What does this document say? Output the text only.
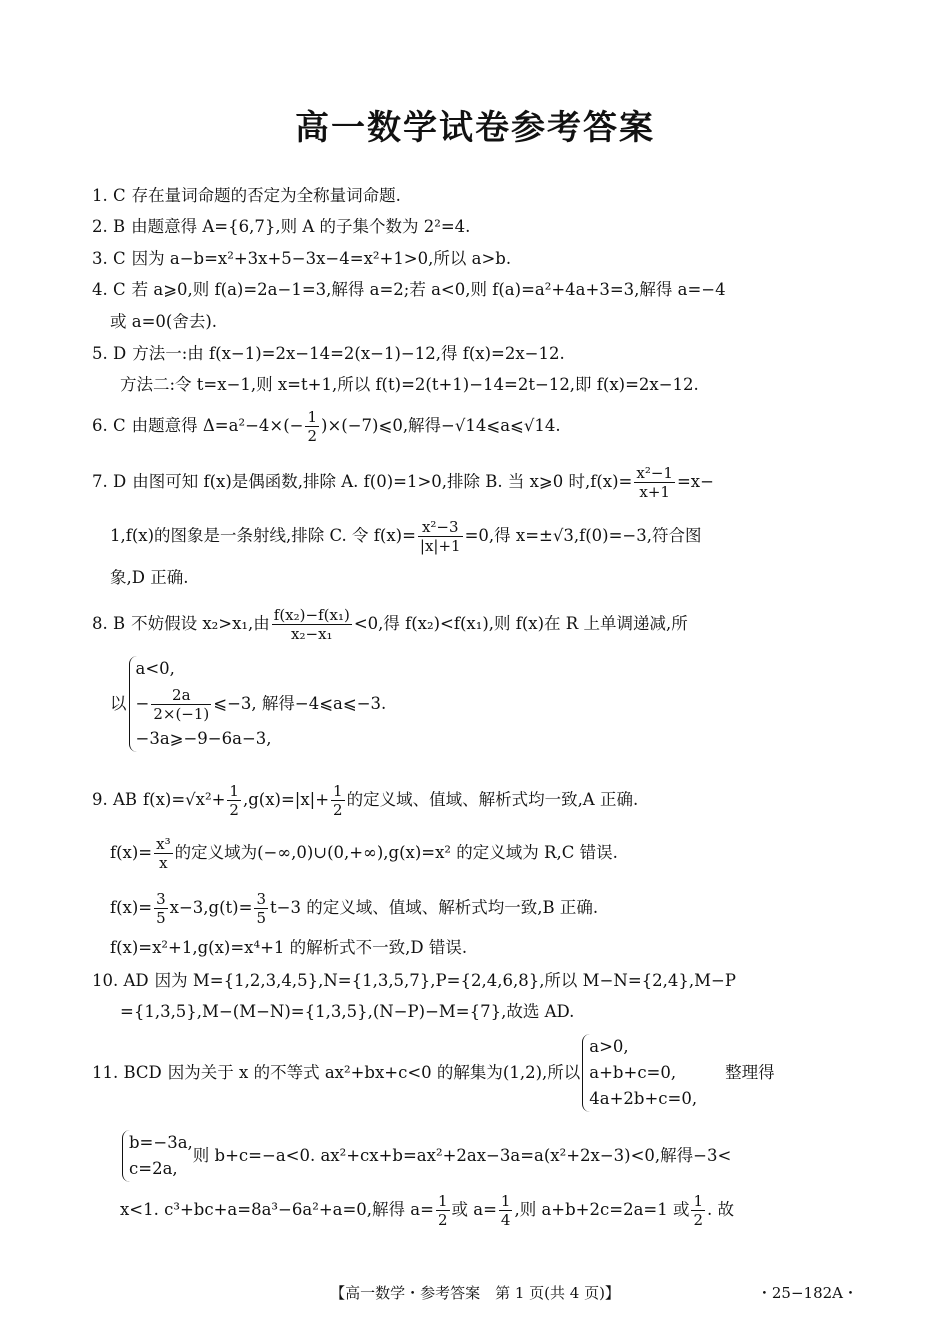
高一数学试卷参考答案
1. C 存在量词命题的否定为全称量词命题.
2. B 由题意得 A={6,7},则 A 的子集个数为 2²=4.
3. C 因为 a−b=x²+3x+5−3x−4=x²+1>0,所以 a>b.
4. C 若 a⩾0,则 f(a)=2a−1=3,解得 a=2;若 a<0,则 f(a)=a²+4a+3=3,解得 a=−4
或 a=0(舍去).
5. D 方法一:由 f(x−1)=2x−14=2(x−1)−12,得 f(x)=2x−12.
方法二:令 t=x−1,则 x=t+1,所以 f(t)=2(t+1)−14=2t−12,即 f(x)=2x−12.
6. C 由题意得 $\Delta=a^2-4\times(- \frac{1}{2}$ )×(−7)⩽0,解得−√14⩽a⩽√14.
7. D 由图可知 f(x)是偶函数,排除 A. f(0)=1>0,排除 B. 当 x⩾0 时$,f(x)= \frac{\text{x²−1}}{x+1} =x-$
1,f(x)的图象是一条射线,排除 C. 令 $f(x)= \frac{\text{x²−3}}{|x|+1} =0$,得 x=±√3,f(0)=−3,符合图
象,D 正确.
8. B 不妨假设 x₂>x₁,由 $\frac{\text{f(x₂)−f(x₁)}}{\text{x₂−x₁}} <0$,得 f(x₂)<f(x₁),则 f(x)在 R 上单调递减,所
以
a<0,
− $\frac{2a}{2\times(-1)}$ ⩽−3, 解得−4⩽a⩽−3.
−3a⩾−9−6a−3,
9. AB $f(x)=√x^2+ \frac{1}{2} ,g(x)=|x|+ \frac{1}{2}$ 的定义域、值域、解析式均一致,A 正确.
$f(x)= \frac{\text{x³}}{x}$ 的定义域为(−∞,0)∪(0,+∞),g(x)=x² 的定义域为 R,C 错误.
$f(x)= \frac{3}{5} x-3,g(t)= \frac{3}{5} t-3$ 的定义域、值域、解析式均一致,B 正确.
f(x)=x²+1,g(x)=x⁴+1 的解析式不一致,D 错误.
10. AD 因为 M={1,2,3,4,5},N={1,3,5,7},P={2,4,6,8},所以 M−N={2,4},M−P
={1,3,5},M−(M−N)={1,3,5},(N−P)−M={7},故选 AD.
11. BCD 因为关于 x 的不等式 ax²+bx+c<0 的解集为(1,2),所以
a>0,
a+b+c=0,
4a+2b+c=0,
整理得
b=−3a,
c=2a,
则 b+c=−a<0. ax²+cx+b=ax²+2ax−3a=a(x²+2x−3)<0,解得−3<
x<1. c³+bc+a=8a³−6a²+a=0,解得 $a= \frac{1}{2}$ 或 $a= \frac{1}{4}$ ,则 a+b+2c=2a=1 或 $\frac{1}{2}$ . 故
【高一数学・参考答案　第 1 页(共 4 页)】	・25−182A・
